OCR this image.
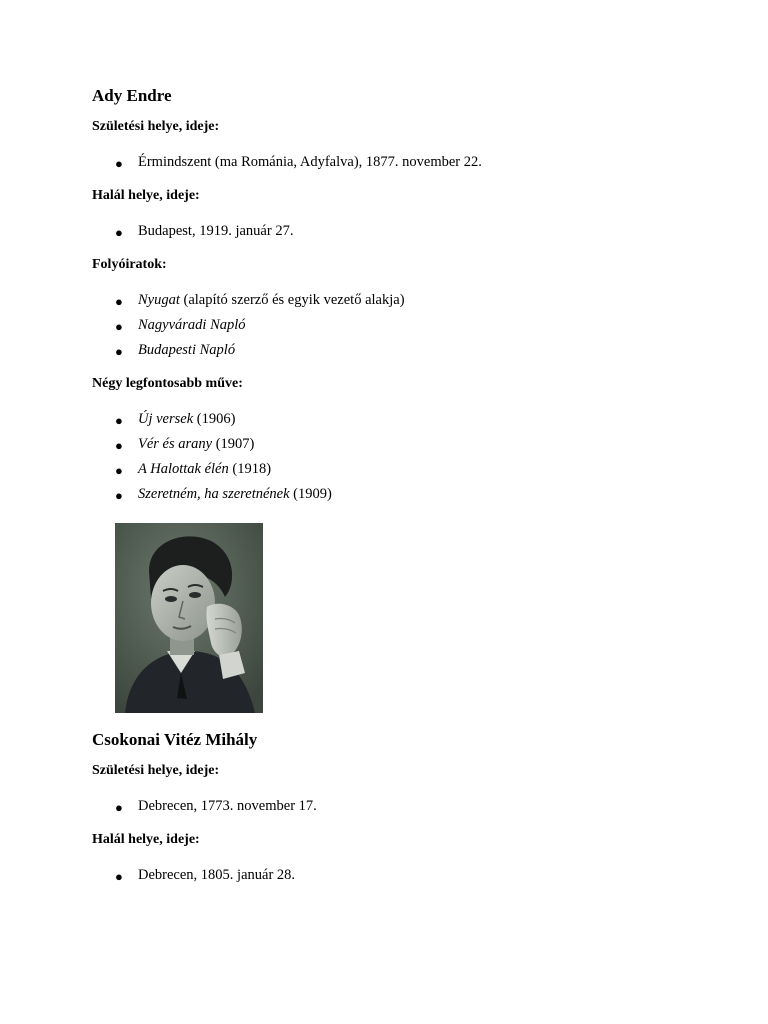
Ady Endre

Születési helye, ideje:

● Érmindszent (ma Románia, Adyfalva), 1877. november 22.

Halál helye, ideje:

● Budapest, 1919. január 27.

Folyóiratok:

● Nyugat (alapító szerző és egyik vezető alakja)
● Nagyváradi Napló
● Budapesti Napló

Négy legfontosabb műve:

● Új versek (1906)
● Vér és arany (1907)
● A Halottak élén (1918)
● Szeretném, ha szeretnének (1909)
Csokonai Vitéz Mihály

Születési helye, ideje:

● Debrecen, 1773. november 17.

Halál helye, ideje:

● Debrecen, 1805. január 28.
